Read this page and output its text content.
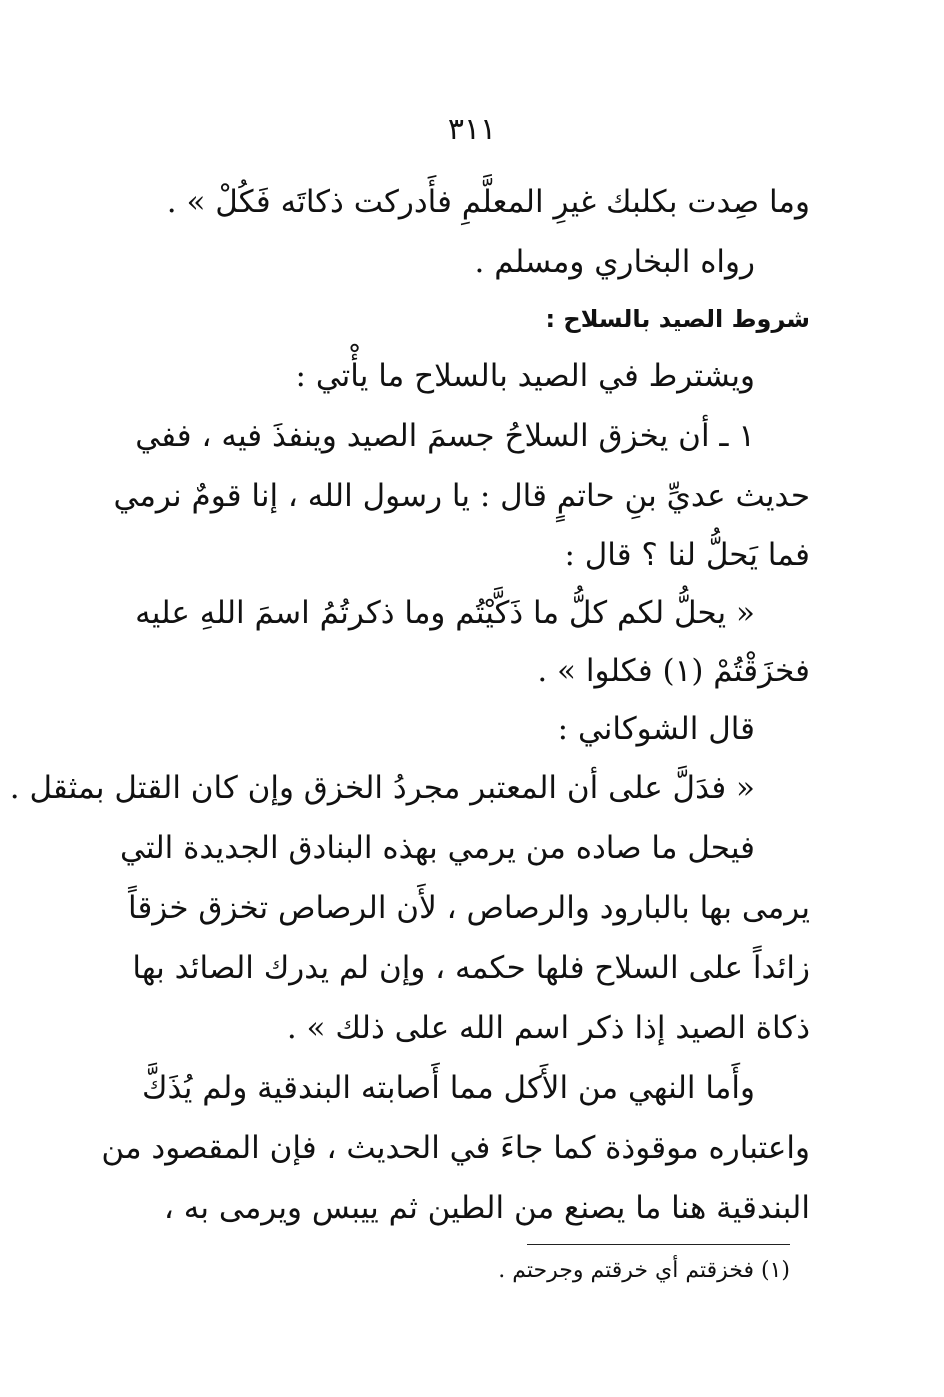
٣١١
وما صِدت بكلبك غيرِ المعلَّمِ فأَدركت ذكاتَه فَكُلْ » .
رواه البخاري ومسلم .
شروط الصيد بالسلاح :
ويشترط في الصيد بالسلاح ما يأْتي :
١ ـ أن يخزق السلاحُ جسمَ الصيد وينفذَ فيه ، ففي
حديث عديِّ بنِ حاتمٍ قال : يا رسول الله ، إنا قومٌ نرمي
فما يَحلُّ لنا ؟ قال :
« يحلُّ لكم كلُّ ما ذَكَّيْتُم وما ذكرتُمُ اسمَ اللهِ عليه
فخزَقْتُمْ (١) فكلوا » .
قال الشوكاني :
« فدَلَّ على أن المعتبر مجردُ الخزق وإن كان القتل بمثقل .
فيحل ما صاده من يرمي بهذه البنادق الجديدة التي
يرمى بها بالبارود والرصاص ، لأَن الرصاص تخزق خزقاً
زائداً على السلاح فلها حكمه ، وإن لم يدرك الصائد بها
ذكاة الصيد إذا ذكر اسم الله على ذلك » .
وأَما النهي من الأَكل مما أَصابته البندقية ولم يُذَكَّ
واعتباره موقوذة كما جاءَ في الحديث ، فإن المقصود من
البندقية هنا ما يصنع من الطين ثم ييبس ويرمى به ،
(١) فخزقتم أي خرقتم وجرحتم .
